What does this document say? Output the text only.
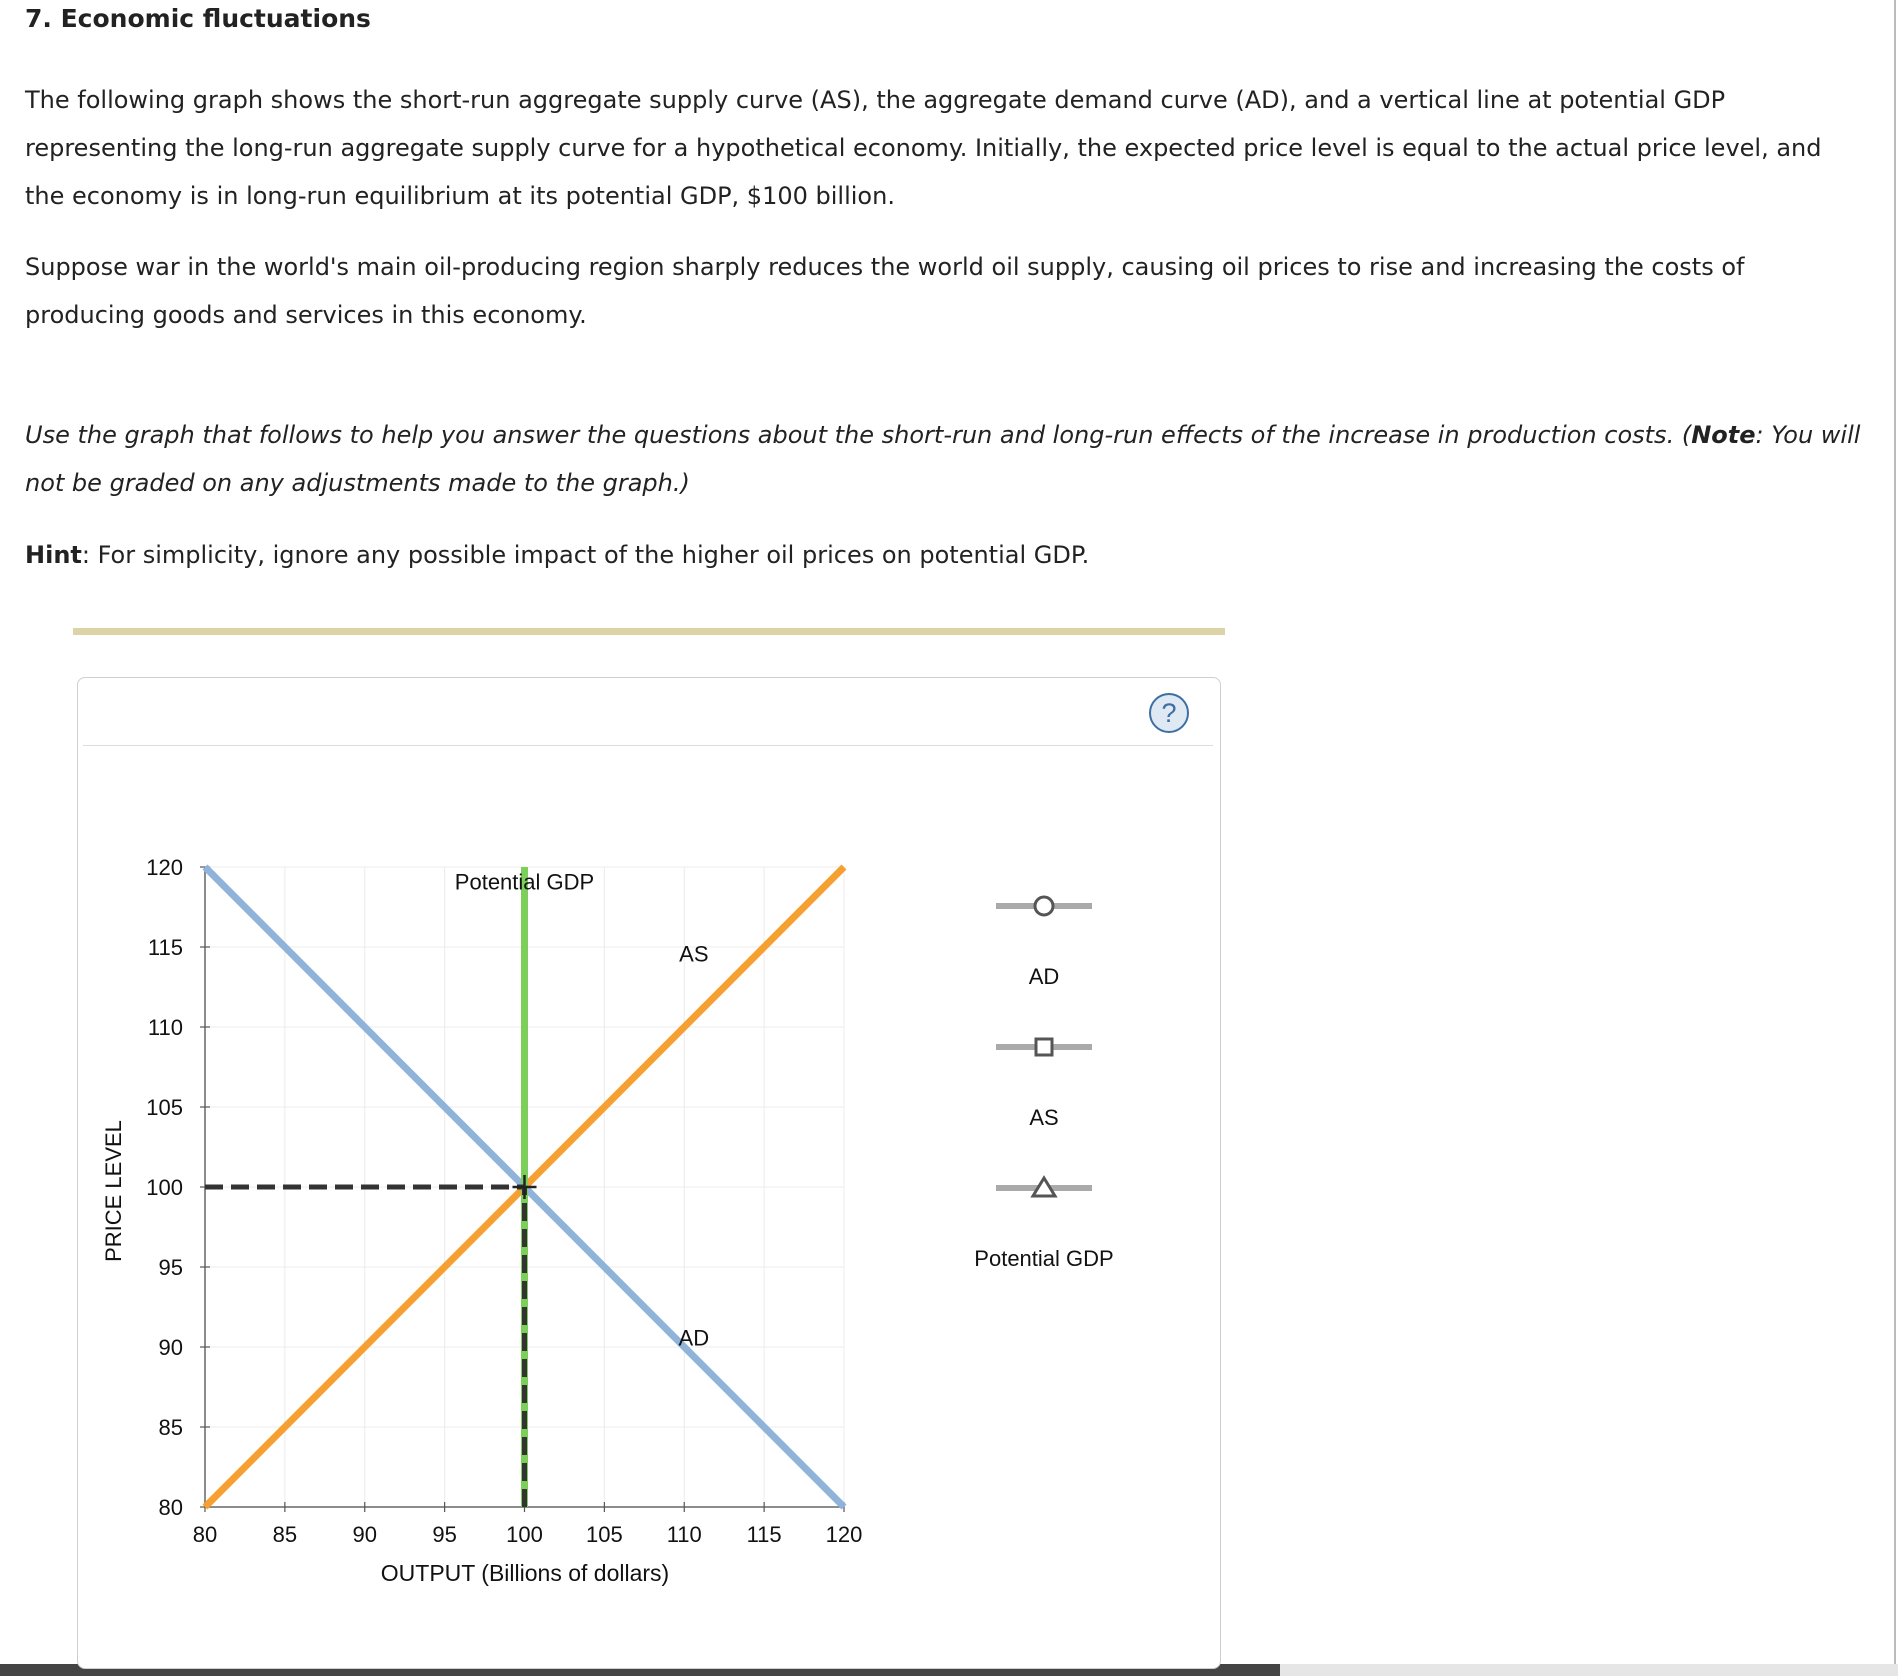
7. Economic fluctuations

The following graph shows the short-run aggregate supply curve (AS), the aggregate demand curve (AD), and a vertical line at potential GDP representing the long-run aggregate supply curve for a hypothetical economy. Initially, the expected price level is equal to the actual price level, and the economy is in long-run equilibrium at its potential GDP, $100 billion.

Suppose war in the world's main oil-producing region sharply reduces the world oil supply, causing oil prices to rise and increasing the costs of producing goods and services in this economy.

Use the graph that follows to help you answer the questions about the short-run and long-run effects of the increase in production costs. (Note: You will not be graded on any adjustments made to the graph.)

Hint: For simplicity, ignore any possible impact of the higher oil prices on potential GDP.

?
80	85	90	95 100 105 110 115 120
80
85
90
95
100
105
110
115
120
AD
AS
Potential GDP
AD
AS
Potential GDP
OUTPUT (Billions of dollars)
PRICE LEVEL
